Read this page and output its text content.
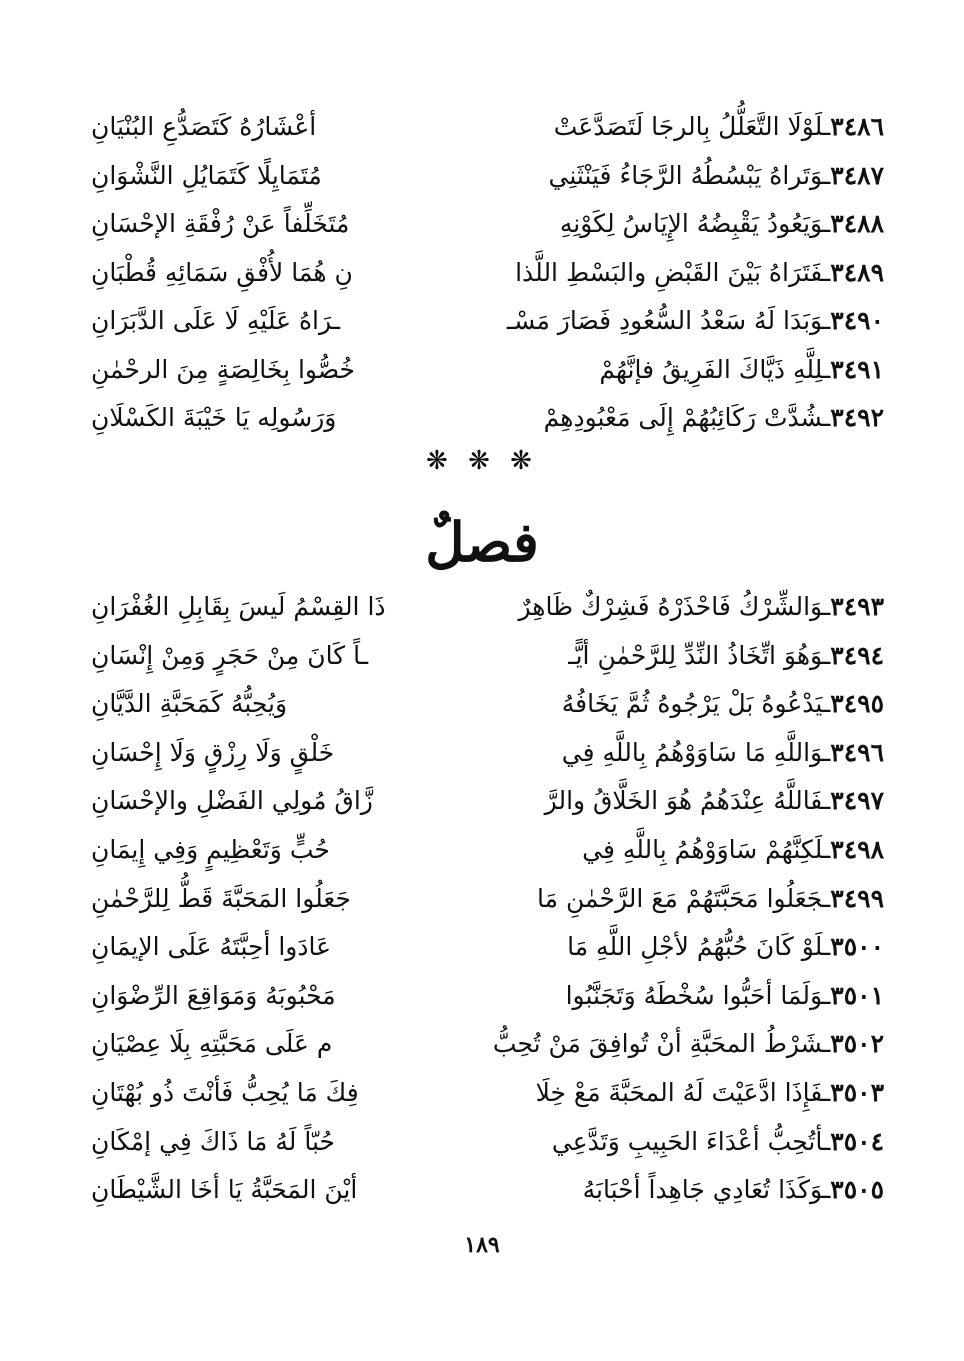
٣٤٨٦ـلَوْلَا التَّعَلُّلُ بِالرجَا لَتَصَدَّعَتْ
أعْشَارُهُ كَتَصَدُّعِ البُنْيَانِ
٣٤٨٧ـوَتَراهُ يَبْسُطُهُ الرَّجَاءُ فَيَنْثَنِي
مُتَمَايِلًا كَتَمَايُلِ النَّشْوَانِ
٣٤٨٨ـوَيَعُودُ يَقْبِضُهُ الإِيَاسُ لِكَوْنِهِ
مُتَخَلِّفاً عَنْ رُفْقَةِ الإحْسَانِ
٣٤٨٩ـفَتَرَاهُ بَيْنَ القَبْضِ والبَسْطِ اللَّذا
نِ هُمَا لأُفْقِ سَمَائِهِ قُطْبَانِ
٣٤٩٠ـوَبَدَا لَهُ سَعْدُ السُّعُودِ فَصَارَ مَسْـ
ـرَاهُ عَلَيْهِ لَا عَلَى الدَّبَرَانِ
٣٤٩١ـلِلَّهِ ذَيَّاكَ الفَرِيقُ فإنَّهُمْ
خُصُّوا بِخَالِصَةٍ مِنَ الرحْمٰنِ
٣٤٩٢ـشُدَّتْ رَكَائِبُهُمْ إِلَى مَعْبُودِهِمْ
وَرَسُولِه يَا خَيْبَةَ الكَسْلَانِ
❋ ❋ ❋
فصلٌ
٣٤٩٣ـوَالشِّرْكُ فَاحْذَرْهُ فَشِرْكٌ ظَاهِرٌ
ذَا القِسْمُ لَيسَ بِقَابِلِ الغُفْرَانِ
٣٤٩٤ـوَهُوَ اتِّخَاذُ النِّدِّ لِلرَّحْمٰنِ أيًّـ
ـاً كَانَ مِنْ حَجَرٍ وَمِنْ إِنْسَانِ
٣٤٩٥ـيَدْعُوهُ بَلْ يَرْجُوهُ ثُمَّ يَخَافُهُ
وَيُحِبُّهُ كَمَحَبَّةِ الدَّيَّانِ
٣٤٩٦ـوَاللَّهِ مَا سَاوَوْهُمُ بِاللَّهِ فِي
خَلْقٍ وَلَا رِزْقٍ وَلَا إِحْسَانِ
٣٤٩٧ـفَاللَّهُ عِنْدَهُمُ هُوَ الخَلَّاقُ والرَّ
زَّاقُ مُولِي الفَضْلِ والإحْسَانِ
٣٤٩٨ـلَكِنَّهُمْ سَاوَوْهُمُ بِاللَّهِ فِي
حُبٍّ وَتَعْظِيمٍ وَفِي إِيمَانِ
٣٤٩٩ـجَعَلُوا مَحَبَّتَهُمْ مَعَ الرَّحْمٰنِ مَا
جَعَلُوا المَحَبَّةَ قَطُّ لِلرَّحْمٰنِ
٣٥٠٠ـلَوْ كَانَ حُبُّهُمُ لأجْلِ اللَّهِ مَا
عَادَوا أحِبَّتَهُ عَلَى الإيمَانِ
٣٥٠١ـوَلَمَا أحَبُّوا سُخْطَهُ وَتَجَنَّبُوا
مَحْبُوبَهُ وَمَوَاقِعَ الرِّضْوَانِ
٣٥٠٢ـشَرْطُ المحَبَّةِ أنْ تُوافِقَ مَنْ تُحِبُّ
م عَلَى مَحَبَّتِهِ بِلَا عِصْيَانِ
٣٥٠٣ـفَإِذَا ادَّعَيْتَ لَهُ المحَبَّةَ مَعْ خِلَا
فِكَ مَا يُحِبُّ فَأنْتَ ذُو بُهْتَانِ
٣٥٠٤ـأتُحِبُّ أعْدَاءَ الحَبِيبِ وَتَدَّعِي
حُبّاً لَهُ مَا ذَاكَ فِي إمْكَانِ
٣٥٠٥ـوَكَذَا تُعَادِي جَاهِداً أحْبَابَهُ
أيْنَ المَحَبَّةُ يَا أخَا الشَّيْطَانِ
١٨٩
